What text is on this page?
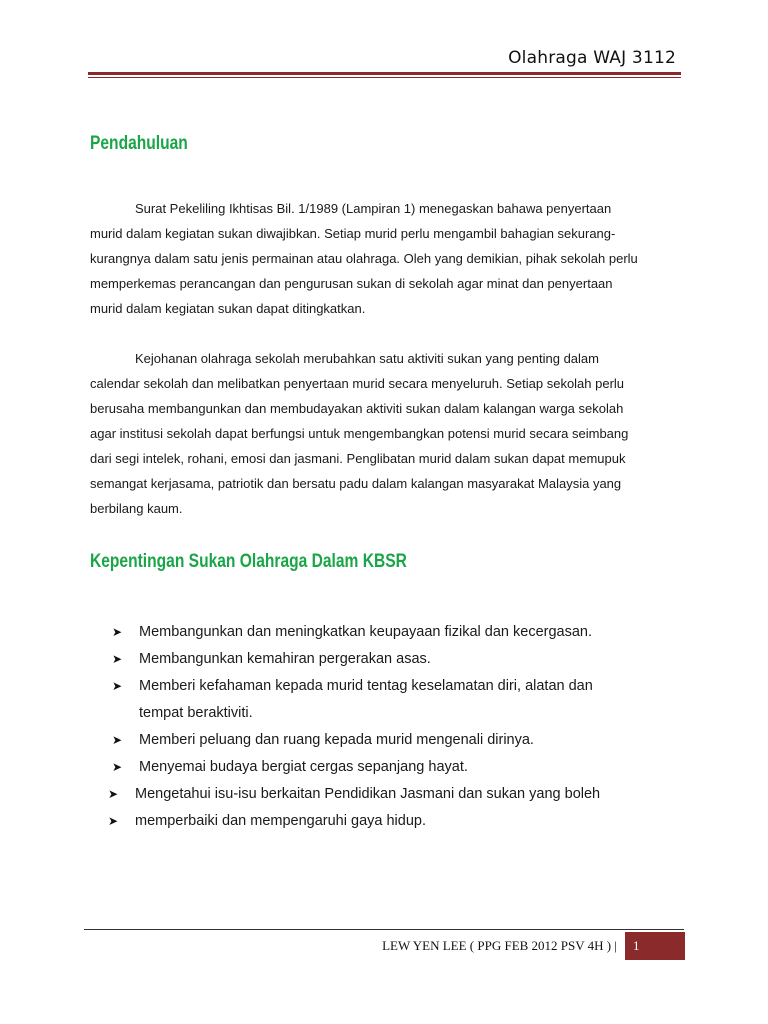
Olahraga WAJ 3112
Pendahuluan

Surat Pekeliling Ikhtisas Bil. 1/1989 (Lampiran 1) menegaskan bahawa penyertaan

murid dalam kegiatan sukan diwajibkan. Setiap murid perlu mengambil bahagian sekurang-

kurangnya dalam satu jenis permainan atau olahraga. Oleh yang demikian, pihak sekolah perlu

memperkemas perancangan dan pengurusan sukan di sekolah agar minat dan penyertaan

murid dalam kegiatan sukan dapat ditingkatkan.

Kejohanan olahraga sekolah merubahkan satu aktiviti sukan yang penting dalam

calendar sekolah dan melibatkan penyertaan murid secara menyeluruh. Setiap sekolah perlu

berusaha membangunkan dan membudayakan aktiviti sukan dalam kalangan warga sekolah

agar institusi sekolah dapat berfungsi untuk mengembangkan potensi murid secara seimbang

dari segi intelek, rohani, emosi dan jasmani. Penglibatan murid dalam sukan dapat memupuk

semangat kerjasama, patriotik dan bersatu padu dalam kalangan masyarakat Malaysia yang

berbilang kaum.

Kepentingan Sukan Olahraga Dalam KBSR
➤	Membangunkan dan meningkatkan keupayaan fizikal dan kecergasan.
➤	Membangunkan kemahiran pergerakan asas.
➤	Memberi kefahaman kepada murid tentag keselamatan diri, alatan dan
tempat beraktiviti.
➤	Memberi peluang dan ruang kepada murid mengenali dirinya.
➤	Menyemai budaya bergiat cergas sepanjang hayat.
➤	Mengetahui isu-isu berkaitan Pendidikan Jasmani dan sukan yang boleh
➤	memperbaiki dan mempengaruhi gaya hidup.
LEW YEN LEE ( PPG FEB 2012 PSV 4H ) | 1
